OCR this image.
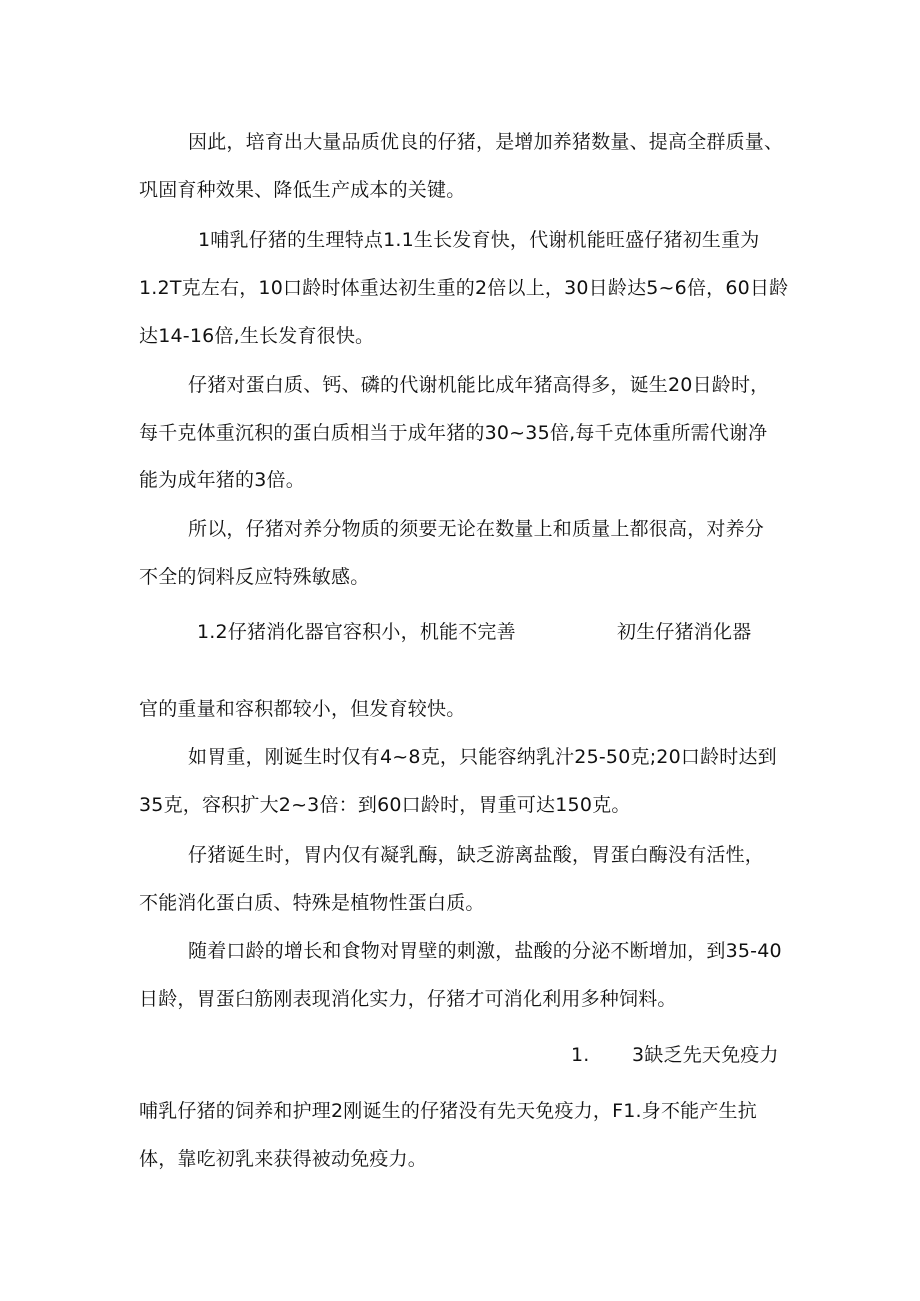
因此，培育出大量品质优良的仔猪，是增加养猪数量、提高全群质量、
巩固育种效果、降低生产成本的关键。
1哺乳仔猪的生理特点1.1生长发育快，代谢机能旺盛仔猪初生重为
1.2T克左右，10口龄时体重达初生重的2倍以上，30日龄达5~6倍，60日龄
达14-16倍,生长发育很快。
仔猪对蛋白质、钙、磷的代谢机能比成年猪高得多，诞生20日龄时，
每千克体重沉积的蛋白质相当于成年猪的30~35倍,每千克体重所需代谢净
能为成年猪的3倍。
所以，仔猪对养分物质的须要无论在数量上和质量上都很高，对养分
不全的饲料反应特殊敏感。
1.2仔猪消化器官容积小，机能不完善	初生仔猪消化器
官的重量和容积都较小，但发育较快。
如胃重，刚诞生时仅有4~8克，只能容纳乳汁25-50克;20口龄时达到
35克，容积扩大2~3倍：到60口龄时，胃重可达150克。
仔猪诞生时，胃内仅有凝乳酶，缺乏游离盐酸，胃蛋白酶没有活性，
不能消化蛋白质、特殊是植物性蛋白质。
随着口龄的增长和食物对胃壁的刺激，盐酸的分泌不断增加，到35-40
日龄，胃蛋臼筋刚表现消化实力，仔猪才可消化利用多种饲料。
1. 3缺乏先天免疫力
哺乳仔猪的饲养和护理2刚诞生的仔猪没有先天免疫力，F1.身不能产生抗
体，靠吃初乳来获得被动免疫力。
